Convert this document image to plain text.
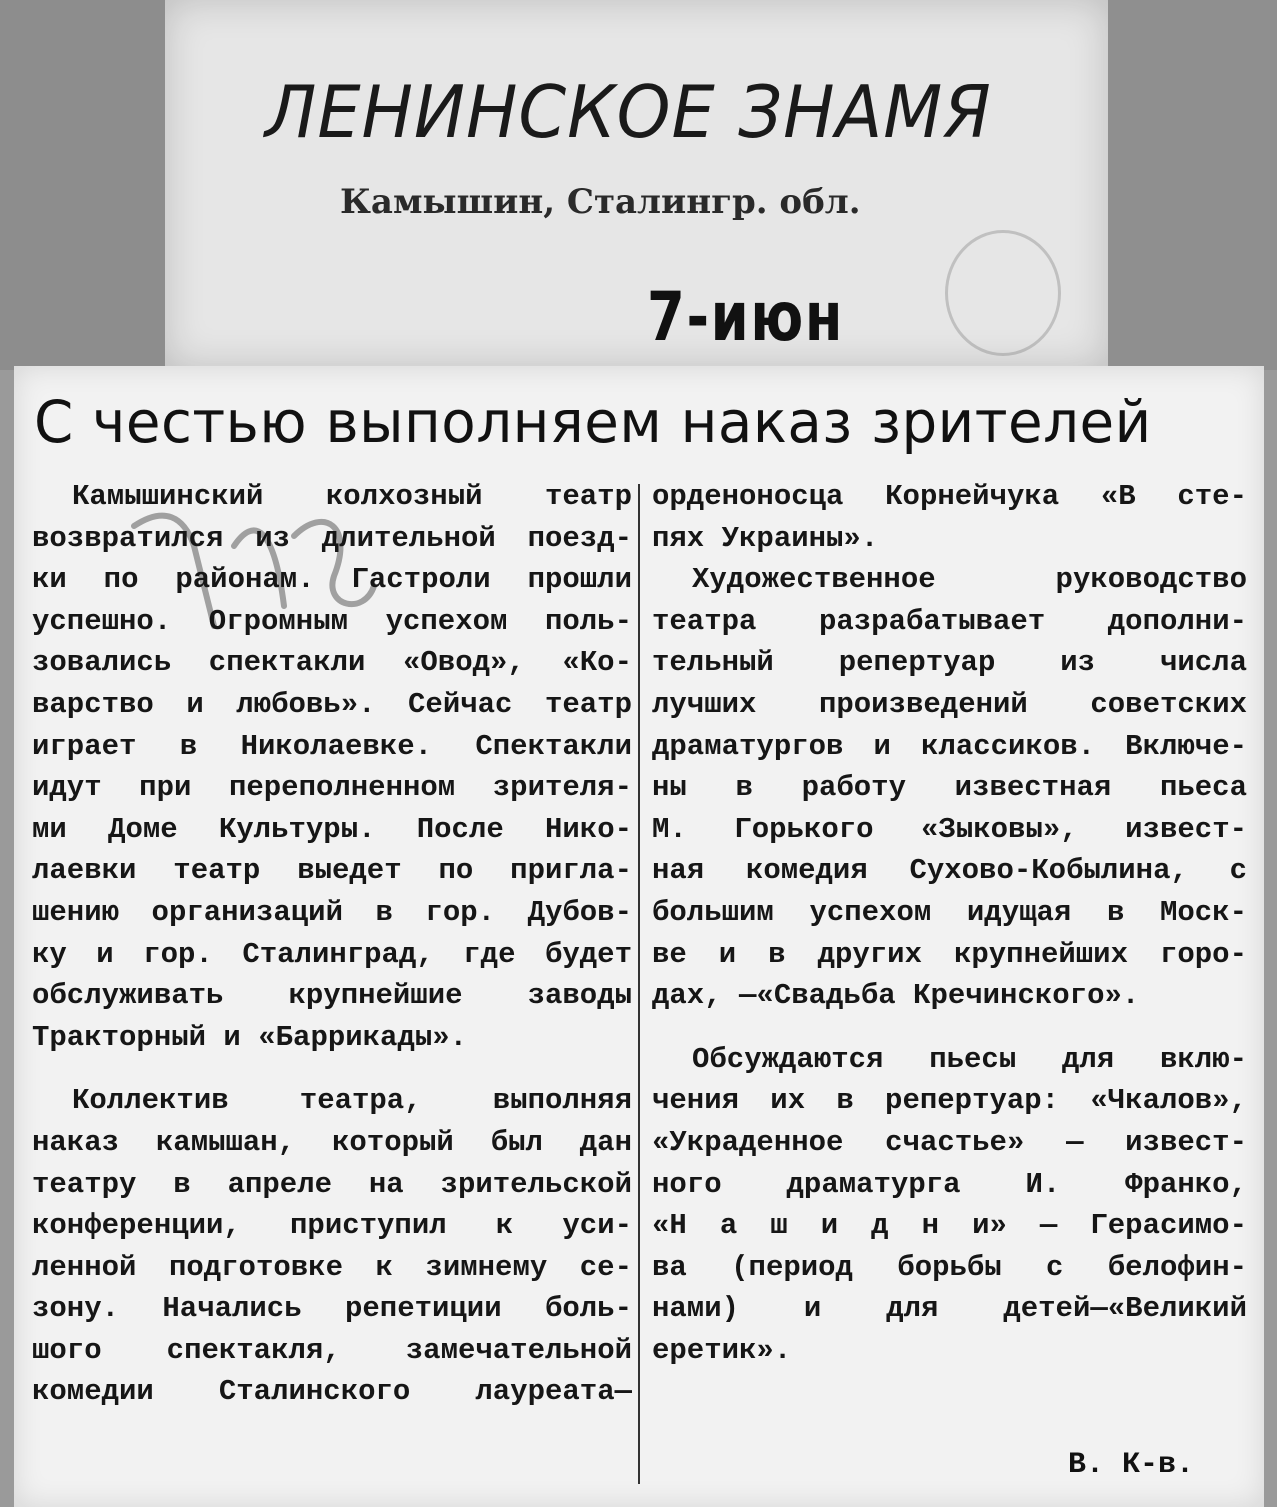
ЛЕНИНСКОЕ ЗНАМЯ
Камышин, Сталингр. обл.
7-июн
С честью выполняем наказ зрителей
Камышинский колхозный театр
возвратился из длительной поезд-
ки по районам. Гастроли прошли
успешно. Огромным успехом поль-
зовались спектакли «Овод», «Ко-
варство и любовь». Сейчас театр
играет в Николаевке. Спектакли
идут при переполненном зрителя-
ми Доме Культуры. После Нико-
лаевки театр выедет по пригла-
шению организаций в гор. Дубов-
ку и гор. Сталинград, где будет
обслуживать крупнейшие заводы
Тракторный и «Баррикады».
Коллектив театра, выполняя
наказ камышан, который был дан
театру в апреле на зрительской
конференции, приступил к уси-
ленной подготовке к зимнему се-
зону. Начались репетиции боль-
шого спектакля, замечательной
комедии Сталинского лауреата—
орденоносца Корнейчука «В сте-
пях Украины».
Художественное руководство
театра разрабатывает дополни-
тельный репертуар из числа
лучших произведений советских
драматургов и классиков. Включе-
ны в работу известная пьеса
М. Горького «Зыковы», извест-
ная комедия Сухово-Кобылина, с
большим успехом идущая в Моск-
ве и в других крупнейших горо-
дах, —«Свадьба Кречинского».
Обсуждаются пьесы для вклю-
чения их в репертуар: «Чкалов»,
«Украденное счастье» — извест-
ного драматурга И. Франко,
«Н а ш и д н и» — Герасимо-
ва (период борьбы с белофин-
нами) и для детей—«Великий
еретик».
В. К-в.
